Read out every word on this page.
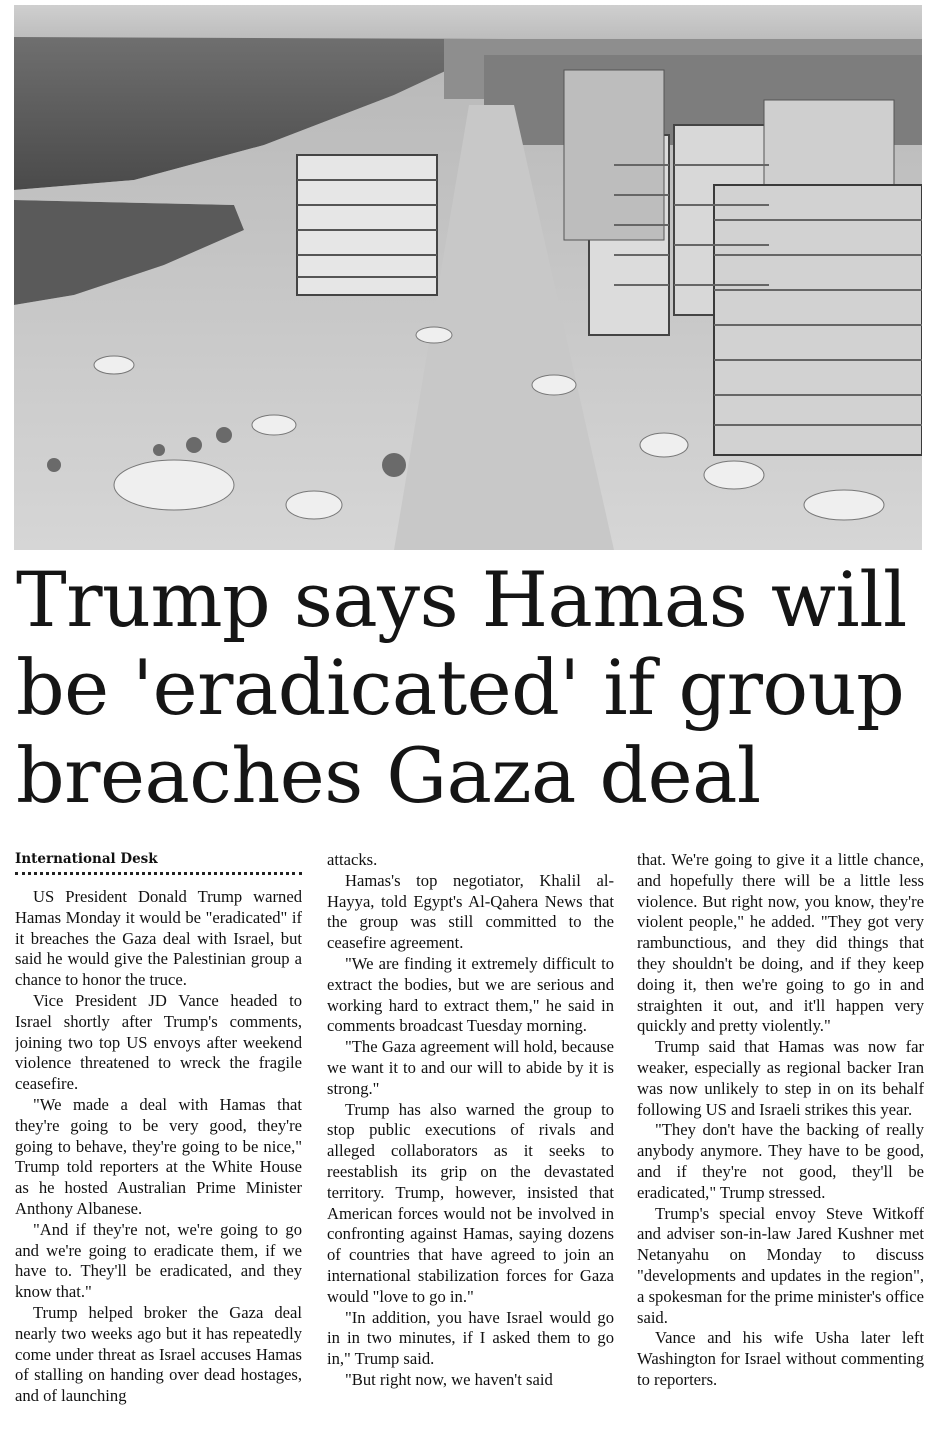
Trump says Hamas will be 'eradicated' if group breaches Gaza deal
International Desk

US President Donald Trump warned Hamas Monday it would be "eradicated" if it breaches the Gaza deal with Israel, but said he would give the Palestinian group a chance to honor the truce.

Vice President JD Vance headed to Israel shortly after Trump's comments, joining two top US envoys after weekend violence threatened to wreck the fragile ceasefire.

"We made a deal with Hamas that they're going to be very good, they're going to behave, they're going to be nice," Trump told reporters at the White House as he hosted Australian Prime Minister Anthony Albanese.

"And if they're not, we're going to go and we're going to eradicate them, if we have to. They'll be eradicated, and they know that."

Trump helped broker the Gaza deal nearly two weeks ago but it has repeatedly come under threat as Israel accuses Hamas of stalling on handing over dead hostages, and of launching

attacks.

Hamas's top negotiator, Khalil al-Hayya, told Egypt's Al-Qahera News that the group was still committed to the ceasefire agreement.

"We are finding it extremely difficult to extract the bodies, but we are serious and working hard to extract them," he said in comments broadcast Tuesday morning.

"The Gaza agreement will hold, because we want it to and our will to abide by it is strong."

Trump has also warned the group to stop public executions of rivals and alleged collaborators as it seeks to reestablish its grip on the devastated territory. Trump, however, insisted that American forces would not be involved in confronting against Hamas, saying dozens of countries that have agreed to join an international stabilization forces for Gaza would "love to go in."

"In addition, you have Israel would go in in two minutes, if I asked them to go in," Trump said.

"But right now, we haven't said

that. We're going to give it a little chance, and hopefully there will be a little less violence. But right now, you know, they're violent people," he added. "They got very rambunctious, and they did things that they shouldn't be doing, and if they keep doing it, then we're going to go in and straighten it out, and it'll happen very quickly and pretty violently."

Trump said that Hamas was now far weaker, especially as regional backer Iran was now unlikely to step in on its behalf following US and Israeli strikes this year.

"They don't have the backing of really anybody anymore. They have to be good, and if they're not good, they'll be eradicated," Trump stressed.

Trump's special envoy Steve Witkoff and adviser son-in-law Jared Kushner met Netanyahu on Monday to discuss "developments and updates in the region", a spokesman for the prime minister's office said.

Vance and his wife Usha later left Washington for Israel without commenting to reporters.
